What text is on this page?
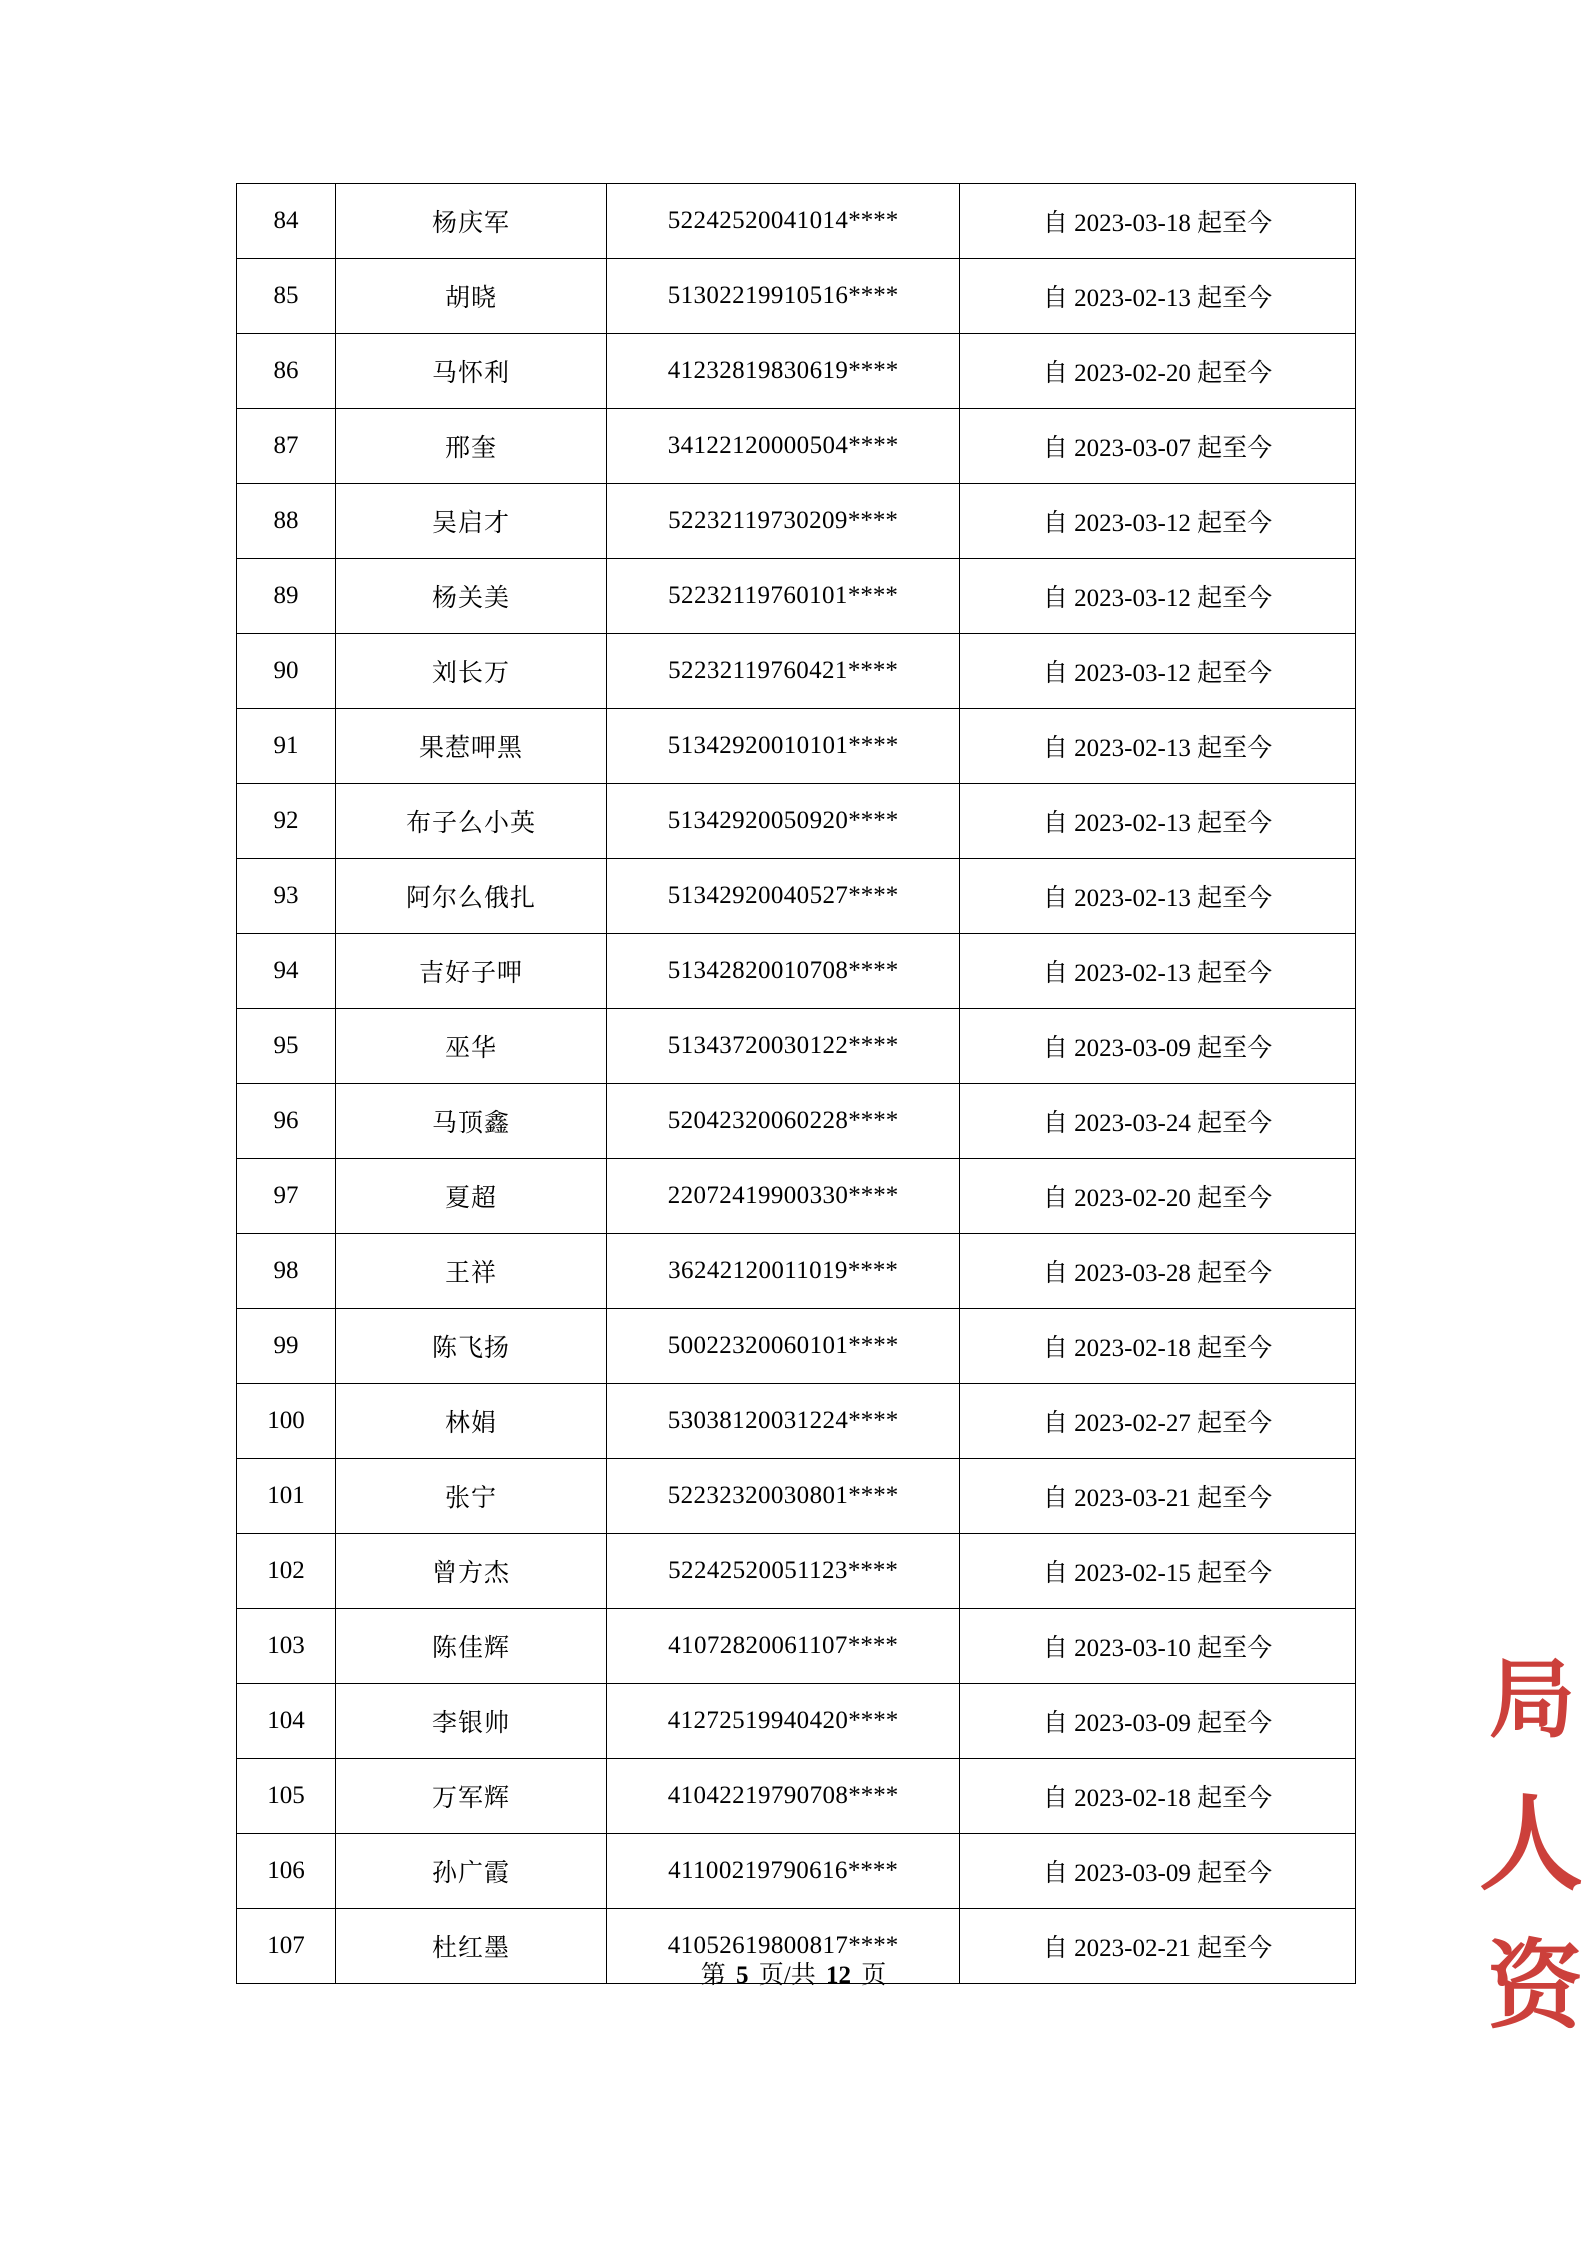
84	杨庆军	52242520041014****	自 2023-03-18 起至今
85	胡晓	51302219910516****	自 2023-02-13 起至今
86	马怀利	41232819830619****	自 2023-02-20 起至今
87	邢奎	34122120000504****	自 2023-03-07 起至今
88	吴启才	52232119730209****	自 2023-03-12 起至今
89	杨关美	52232119760101****	自 2023-03-12 起至今
90	刘长万	52232119760421****	自 2023-03-12 起至今
91	果惹呷黑	51342920010101****	自 2023-02-13 起至今
92	布子么小英	51342920050920****	自 2023-02-13 起至今
93	阿尔么俄扎	51342920040527****	自 2023-02-13 起至今
94	吉好子呷	51342820010708****	自 2023-02-13 起至今
95	巫华	51343720030122****	自 2023-03-09 起至今
96	马顶鑫	52042320060228****	自 2023-03-24 起至今
97	夏超	22072419900330****	自 2023-02-20 起至今
98	王祥	36242120011019****	自 2023-03-28 起至今
99	陈飞扬	50022320060101****	自 2023-02-18 起至今
100	林娟	53038120031224****	自 2023-02-27 起至今
101	张宁	52232320030801****	自 2023-03-21 起至今
102	曾方杰	52242520051123****	自 2023-02-15 起至今
103	陈佳辉	41072820061107****	自 2023-03-10 起至今
104	李银帅	41272519940420****	自 2023-03-09 起至今
105	万军辉	41042219790708****	自 2023-02-18 起至今
106	孙广霞	41100219790616****	自 2023-03-09 起至今
107	杜红墨	41052619800817****	自 2023-02-21 起至今
第 5 页/共 12 页
局
人
资
